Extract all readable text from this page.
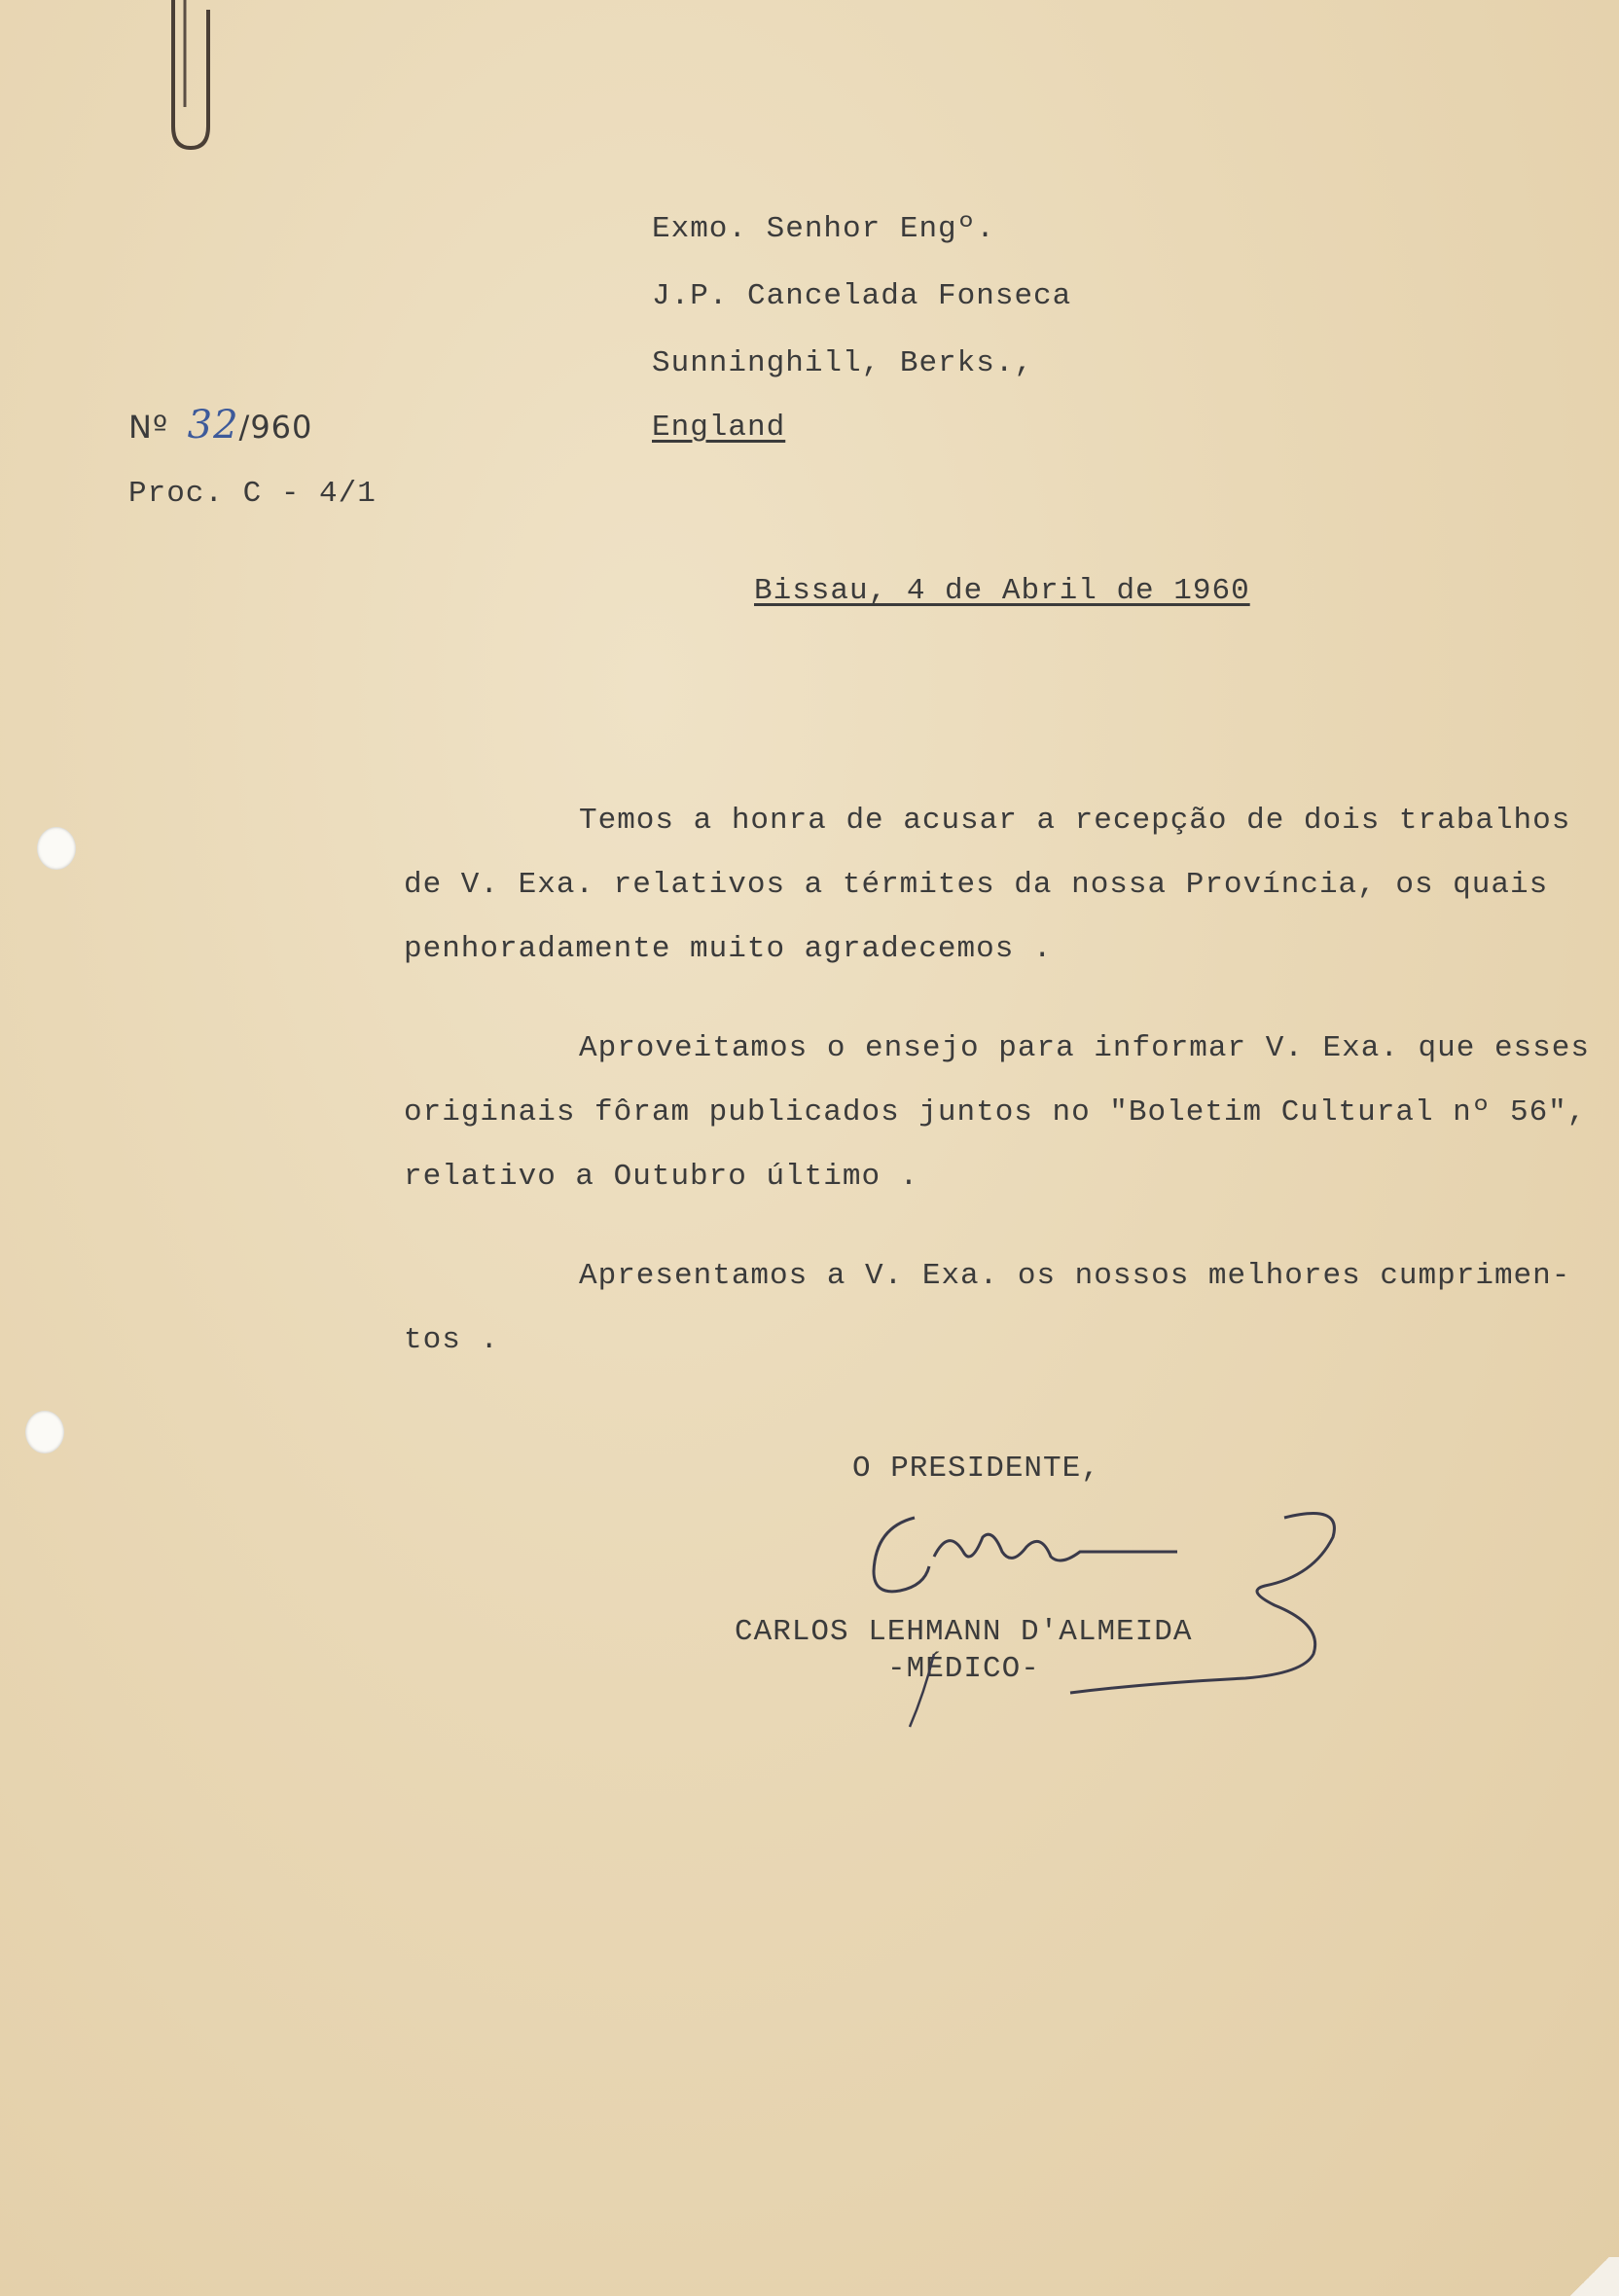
Exmo. Senhor Engº.
J.P. Cancelada Fonseca
Sunninghill, Berks.,
England
Nº 32/960
Proc. C - 4/1
Bissau, 4 de Abril de 1960
Temos a honra de acusar a recepção de dois trabalhos
de V. Exa. relativos a térmites da nossa Província, os quais
penhoradamente muito agradecemos .
Aproveitamos o ensejo para informar V. Exa. que esses
originais fôram publicados juntos no "Boletim Cultural nº 56",
relativo a Outubro último .
Apresentamos a V. Exa. os nossos melhores cumprimen-
tos .
O PRESIDENTE,
CARLOS LEHMANN D'ALMEIDA
-MÉDICO-
